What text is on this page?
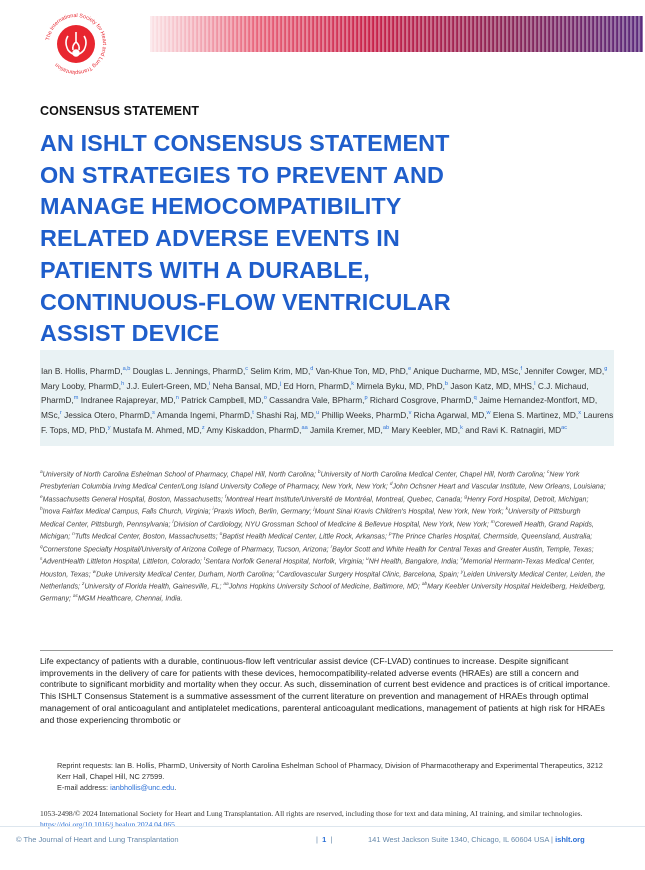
The International Society for Heart and Lung Transplantation
CONSENSUS STATEMENT
AN ISHLT CONSENSUS STATEMENT
ON STRATEGIES TO PREVENT AND
MANAGE HEMOCOMPATIBILITY
RELATED ADVERSE EVENTS IN
PATIENTS WITH A DURABLE,
CONTINUOUS-FLOW VENTRICULAR
ASSIST DEVICE
Ian B. Hollis, PharmD,$^{a,b}$ Douglas L. Jennings, PharmD,$^c$ Selim Krim, MD,$^d$ Van-Khue Ton, MD, PhD,$^e$ Anique Ducharme, MD, MSc,$^f$ Jennifer Cowger, MD,$^g$ Mary Looby, PharmD,$^h$ J.J. Eulert-Green, MD,$^i$ Neha Bansal, MD,$^j$ Ed Horn, PharmD,$^k$ Mirnela Byku, MD, PhD,$^b$ Jason Katz, MD, MHS,$^l$ C.J. Michaud, PharmD,$^m$ Indranee Rajapreyar, MD,$^n$ Patrick Campbell, MD,$^o$ Cassandra Vale, BPharm,$^p$ Richard Cosgrove, PharmD,$^q$ Jaime Hernandez-Montfort, MD, MSc,$^r$ Jessica Otero, PharmD,$^s$ Amanda Ingemi, PharmD,$^t$ Shashi Raj, MD,$^u$ Phillip Weeks, PharmD,$^v$ Richa Agarwal, MD,$^w$ Elena S. Martinez, MD,$^x$ Laurens F. Tops, MD, PhD,$^y$ Mustafa M. Ahmed, MD,$^z$ Amy Kiskaddon, PharmD,$^{aa}$ Jamila Kremer, MD,$^{ab}$ Mary Keebler, MD,$^k$ and Ravi K. Ratnagiri, $MD^{ac}$
$^a$University of North Carolina Eshelman School of Pharmacy, Chapel Hill, North Carolina; $^b$University of North Carolina Medical Center, Chapel Hill, North Carolina; $^c$New York Presbyterian Columbia Irving Medical Center/Long Island University College of Pharmacy, New York, New York; $^d$John Ochsner Heart and Vascular Institute, New Orleans, Louisiana; $^e$Massachusetts General Hospital, Boston, Massachusetts; $^f$Montreal Heart Institute/Université de Montréal, Montreal, Quebec, Canada; $^g$Henry Ford Hospital, Detroit, Michigan; $^h$Inova Fairfax Medical Campus, Falls Church, Virginia; $^i$Praxis Wloch, Berlin, Germany; $^j$Mount Sinai Kravis Children's Hospital, New York, New York; $^k$University of Pittsburgh Medical Center, Pittsburgh, Pennsylvania; $^l$Division of Cardiology, NYU Grossman School of Medicine & Bellevue Hospital, New York, New York; $^m$Corewell Health, Grand Rapids, Michigan; $^n$Tufts Medical Center, Boston, Massachusetts; $^o$Baptist Health Medical Center, Little Rock, Arkansas; $^p$The Prince Charles Hospital, Chermside, Queensland, Australia; $^q$Cornerstone Specialty Hospital/University of Arizona College of Pharmacy, Tucson, Arizona; $^r$Baylor Scott and White Health for Central Texas and Greater Austin, Temple, Texas; $^s$AdventHealth Littleton Hospital, Littleton, Colorado; $^t$Sentara Norfolk General Hospital, Norfolk, Virginia; $^u$NH Health, Bangalore, India; $^v$Memorial Hermann-Texas Medical Center, Houston, Texas; $^w$Duke University Medical Center, Durham, North Carolina; $^x$Cardiovascular Surgery Hospital Clinic, Barcelona, Spain; $^y$Leiden University Medical Center, Leiden, the Netherlands; $^z$University of Florida Health, Gainesville, FL; $^{aa}$Johns Hopkins University School of Medicine, Baltimore, MD; $^{ab}$Mary Keebler University Hospital Heidelberg, Heidelberg, Germany; $^{ac}$MGM Healthcare, Chennai, India.
Life expectancy of patients with a durable, continuous-flow left ventricular assist device (CF-LVAD) continues to increase. Despite significant improvements in the delivery of care for patients with these devices, hemocompatibility-related adverse events (HRAEs) are still a concern and contribute to significant morbidity and mortality when they occur. As such, dissemination of current best evidence and practices is of critical importance. This ISHLT Consensus Statement is a summative assessment of the current literature on prevention and management of HRAEs through optimal management of oral anticoagulant and antiplatelet medications, parenteral anticoagulant medications, management of patients at high risk for HRAEs and those experiencing thrombotic or
Reprint requests: Ian B. Hollis, PharmD, University of North Carolina Eshelman School of Pharmacy, Division of Pharmacotherapy and Experimental Therapeutics, 3212 Kerr Hall, Chapel Hill, NC 27599.
E-mail address: ianbhollis@unc.edu.
1053-2498/© 2024 International Society for Heart and Lung Transplantation. All rights are reserved, including those for text and data mining, AI training, and similar technologies.
https://doi.org/10.1016/j.healun.2024.04.065
© The Journal of Heart and Lung Transplantation	| 1 |	141 West Jackson Suite 1340, Chicago, IL 60604 USA | ishlt.org
